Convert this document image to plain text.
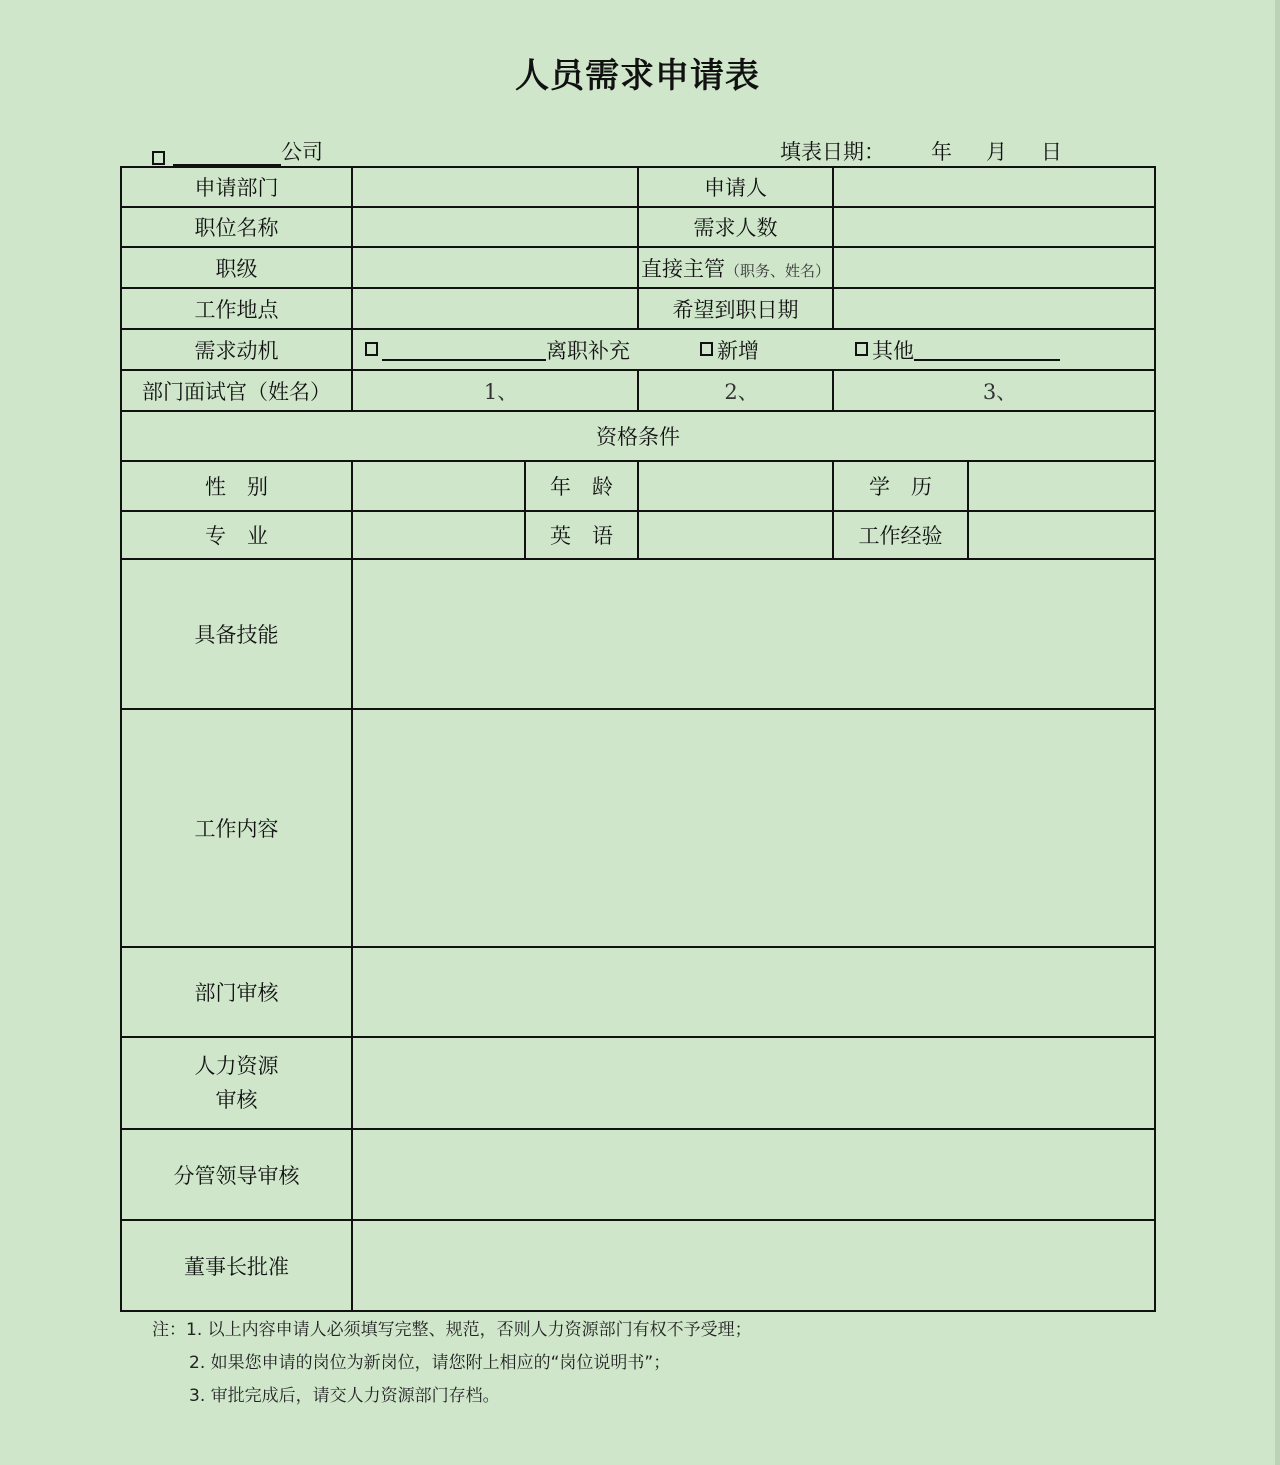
人员需求申请表
公司	填表日期： 年 月 日
申请部门			申请人		
职位名称			需求人数		
职级			直接主管（职务、姓名）		
工作地点			希望到职日期		
需求动机	离职补充 新增 其他				

部门面试官（姓名）	1、		2、	3、	
资格条件					
性　别		年　龄		学　历	
专　业		英　语		工作经验	
具备技能					
工作内容					
部门审核					

人力资源
审核					

分管领导审核					
董事长批准					
注：1. 以上内容申请人必须填写完整、规范，否则人力资源部门有权不予受理；
2. 如果您申请的岗位为新岗位，请您附上相应的“岗位说明书”；
3. 审批完成后，请交人力资源部门存档。
